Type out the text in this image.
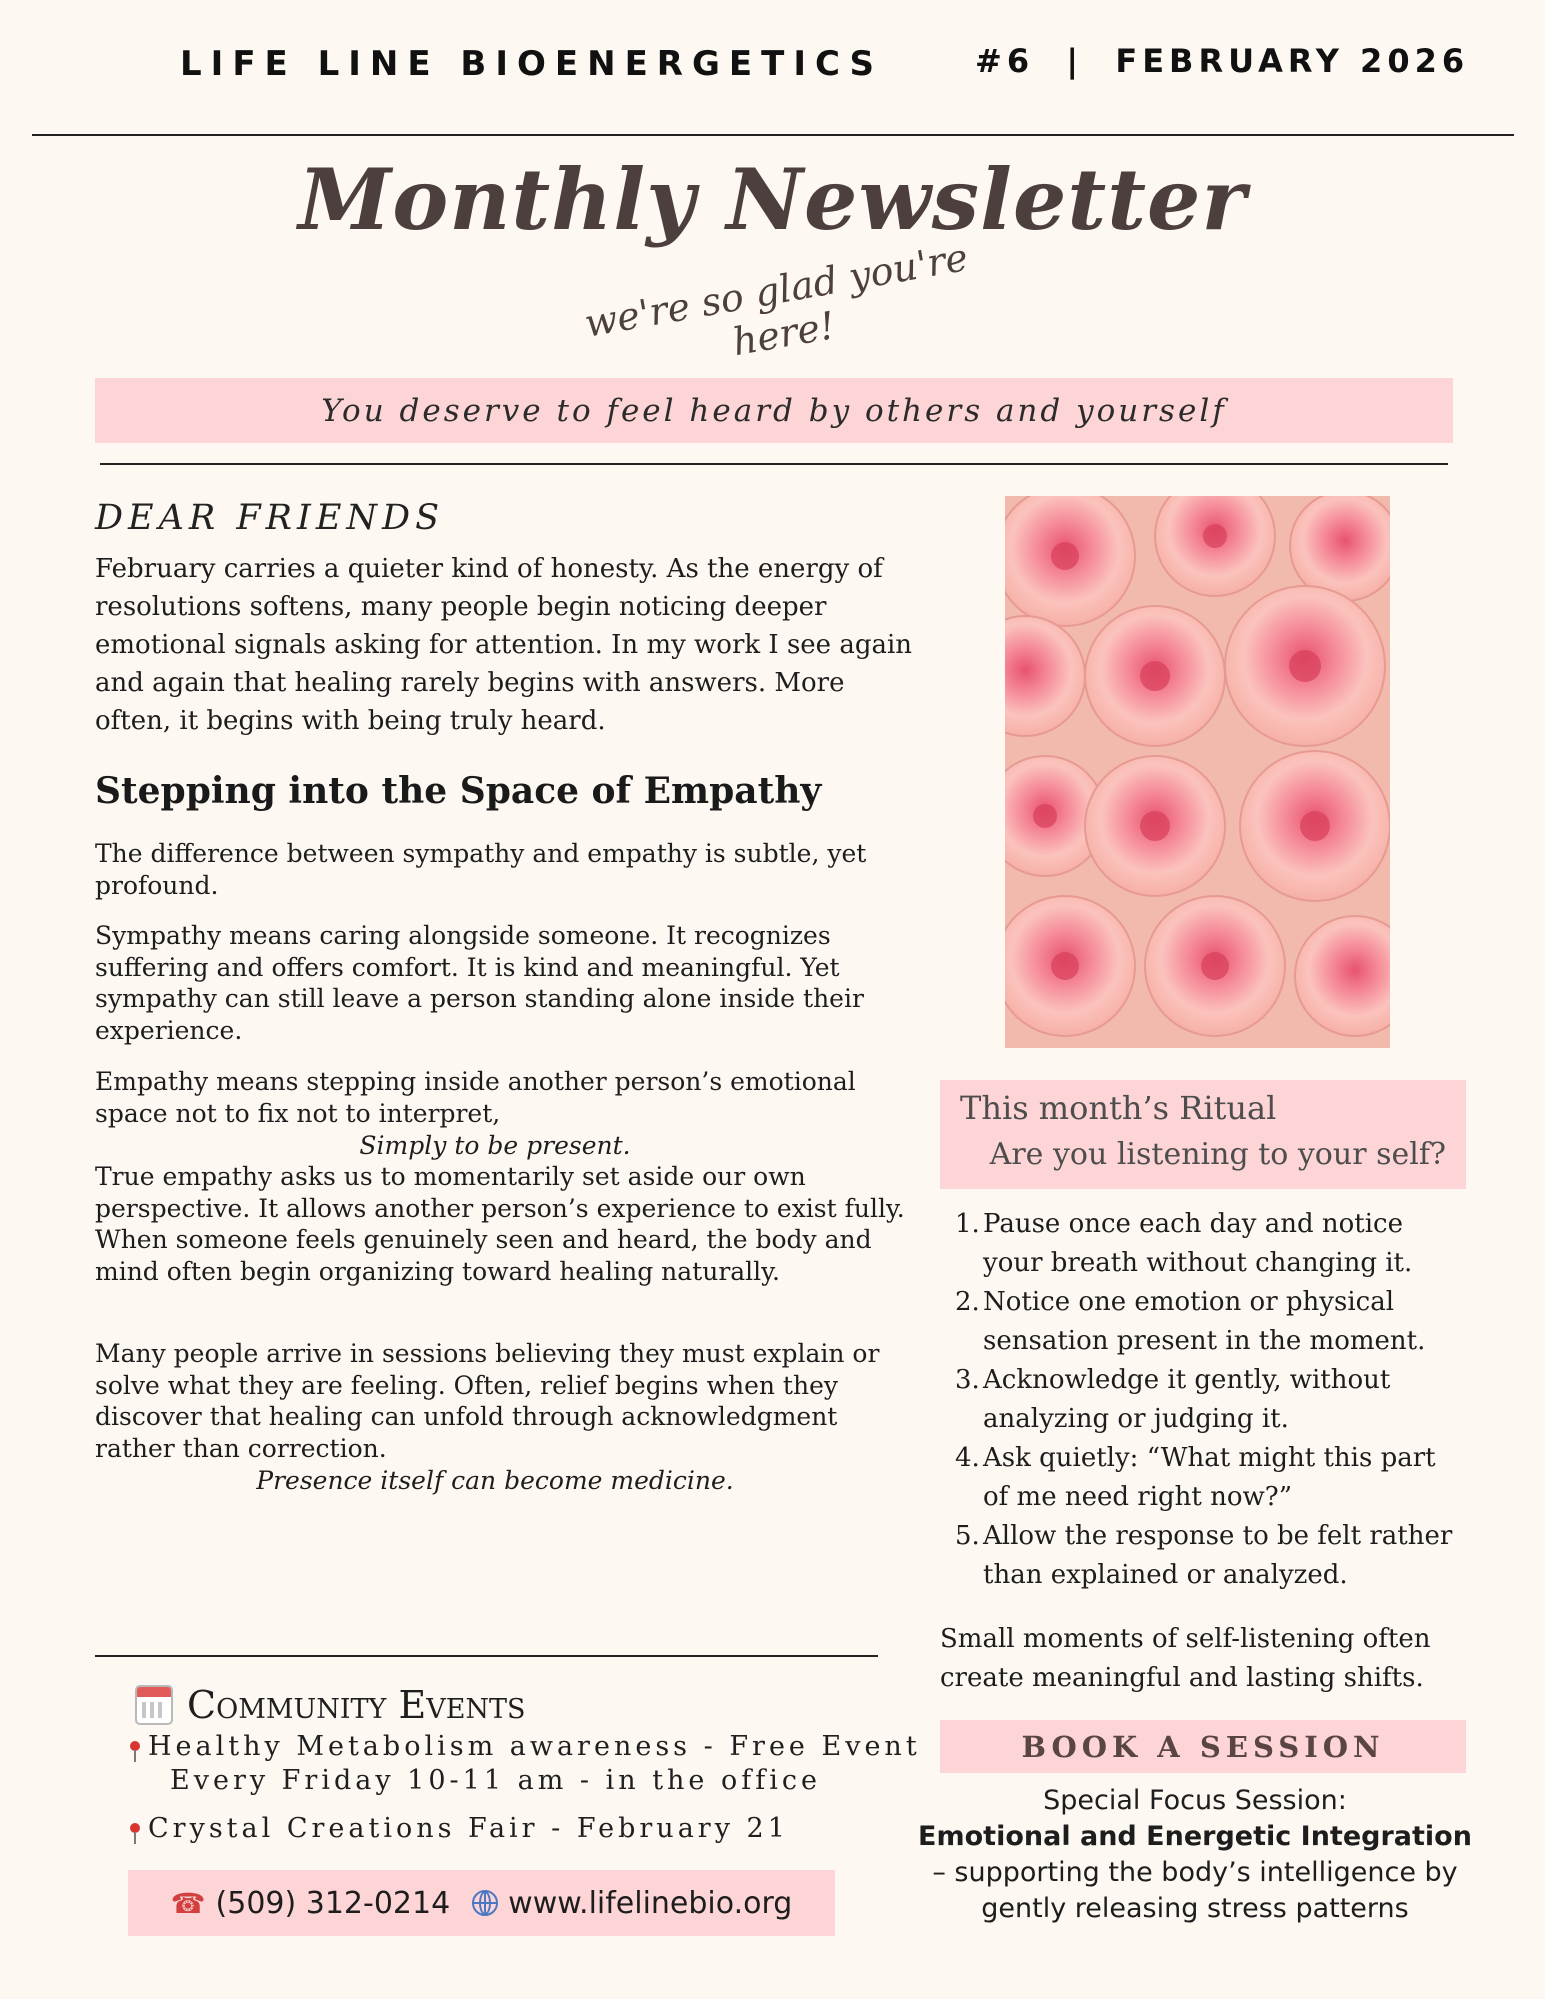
LIFE LINE BIOENERGETICS	#6  |  FEBRUARY 2026
Monthly Newsletter
we're so glad you're here!
You deserve to feel heard by others and yourself
DEAR FRIENDS
February carries a quieter kind of honesty. As the energy of resolutions softens, many people begin noticing deeper emotional signals asking for attention. In my work I see again and again that healing rarely begins with answers. More often, it begins with being truly heard.
Stepping into the Space of Empathy

The difference between sympathy and empathy is subtle, yet profound.

Sympathy means caring alongside someone. It recognizes suffering and offers comfort. It is kind and meaningful. Yet sympathy can still leave a person standing alone inside their experience.

Empathy means stepping inside another person’s emotional space not to fix not to interpret,

Simply to be present.

True empathy asks us to momentarily set aside our own perspective. It allows another person’s experience to exist fully. When someone feels genuinely seen and heard, the body and mind often begin organizing toward healing naturally.

Many people arrive in sessions believing they must explain or solve what they are feeling. Often, relief begins when they discover that healing can unfold through acknowledgment rather than correction.

Presence itself can become medicine.

Community Events
Healthy Metabolism awareness - Free Event
Every Friday 10-11 am - in the office
Crystal Creations Fair - February 21
☎ (509) 312-0214 www.lifelinebio.org
This month’s Ritual
Are you listening to your self?
1. Pause once each day and notice your breath without changing it.
2. Notice one emotion or physical sensation present in the moment.
3. Acknowledge it gently, without analyzing or judging it.
4. Ask quietly: “What might this part of me need right now?”
5. Allow the response to be felt rather than explained or analyzed.
Small moments of self-listening often create meaningful and lasting shifts.
BOOK A SESSION
Special Focus Session:
Emotional and Energetic Integration – supporting the body’s intelligence by gently releasing stress patterns
